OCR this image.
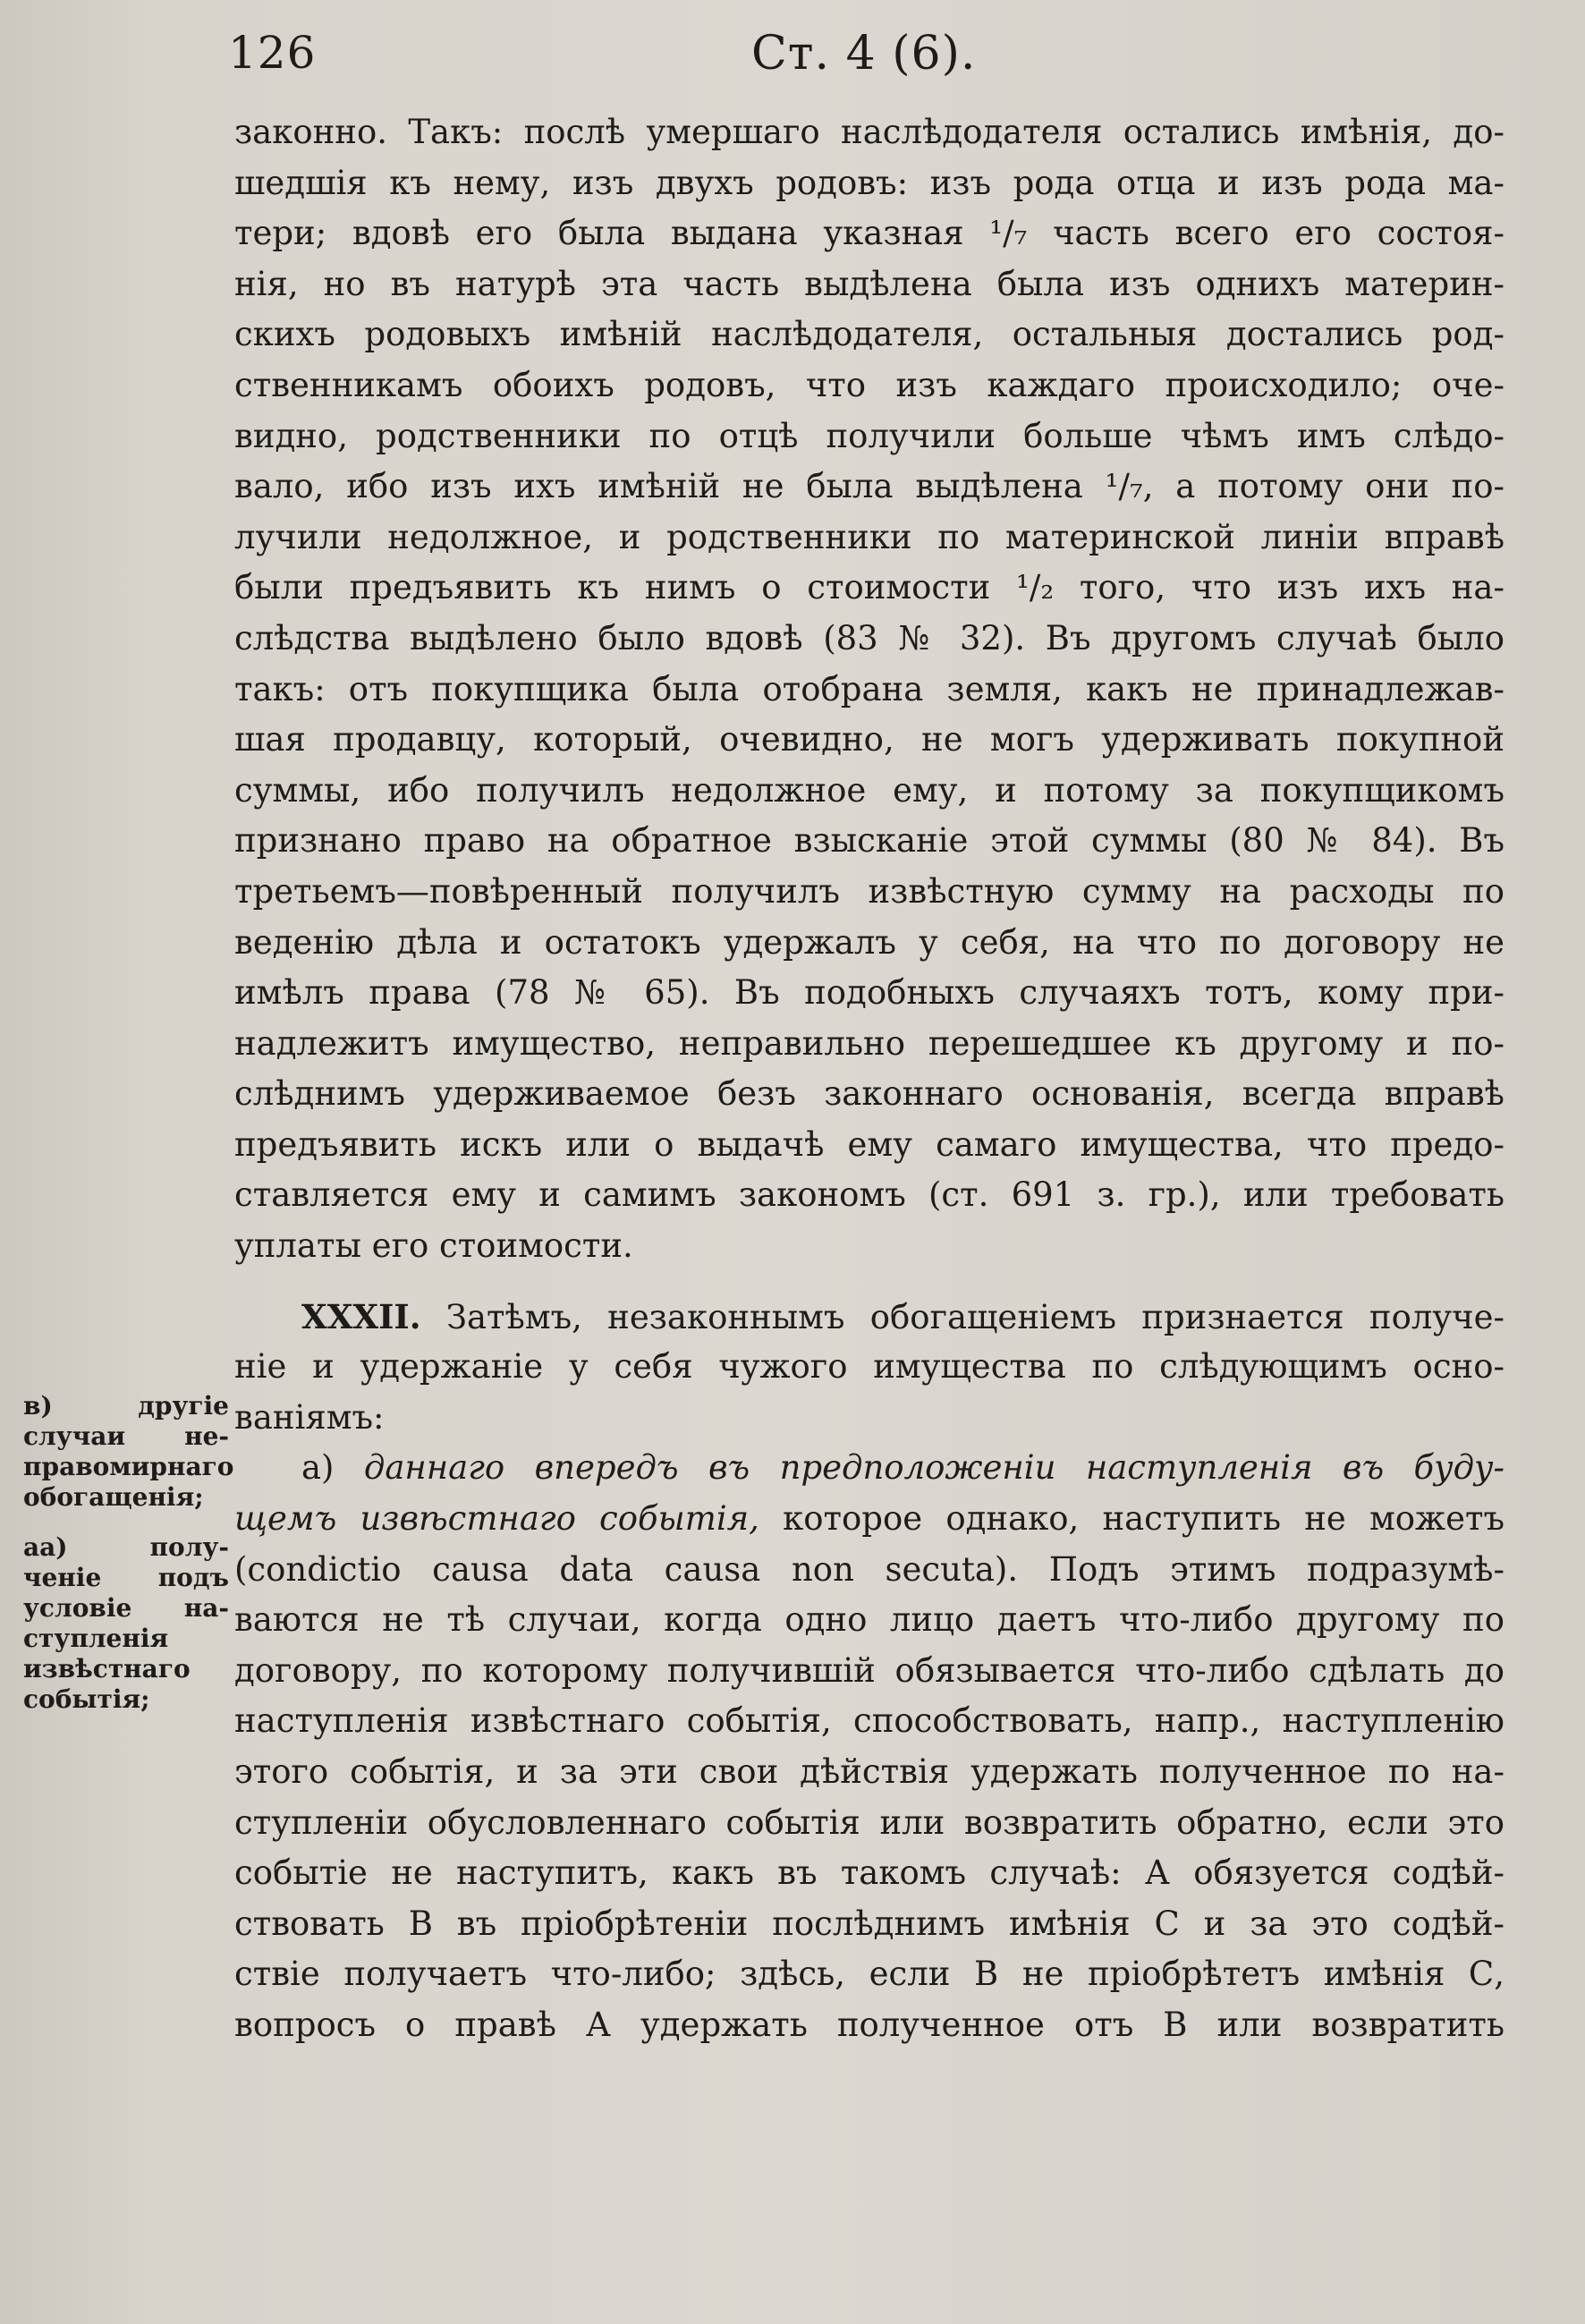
126	Ст. 4 (6).
законно. Такъ: послѣ умершаго наслѣдодателя остались имѣнія, до-
шедшія къ нему, изъ двухъ родовъ: изъ рода отца и изъ рода ма-
тери; вдовѣ его была выдана указная ¹/₇ часть всего его состоя-
нія, но въ натурѣ эта часть выдѣлена была изъ однихъ материн-
скихъ родовыхъ имѣній наслѣдодателя, остальныя достались род-
ственникамъ обоихъ родовъ, что изъ каждаго происходило; оче-
видно, родственники по отцѣ получили больше чѣмъ имъ слѣдо-
вало, ибо изъ ихъ имѣній не была выдѣлена ¹/₇, а потому они по-
лучили недолжное, и родственники по материнской линіи вправѣ
были предъявить къ нимъ о стоимости ¹/₂ того, что изъ ихъ на-
слѣдства выдѣлено было вдовѣ (83 № 32). Въ другомъ случаѣ было
такъ: отъ покупщика была отобрана земля, какъ не принадлежав-
шая продавцу, который, очевидно, не могъ удерживать покупной
суммы, ибо получилъ недолжное ему, и потому за покупщикомъ
признано право на обратное взысканіе этой суммы (80 № 84). Въ
третьемъ—повѣренный получилъ извѣстную сумму на расходы по
веденію дѣла и остатокъ удержалъ у себя, на что по договору не
имѣлъ права (78 № 65). Въ подобныхъ случаяхъ тотъ, кому при-
надлежитъ имущество, неправильно перешедшее къ другому и по-
слѣднимъ удерживаемое безъ законнаго основанія, всегда вправѣ
предъявить искъ или о выдачѣ ему самаго имущества, что предо-
ставляется ему и самимъ закономъ (ст. 691 з. гр.), или требовать
уплаты его стоимости.
XXXII. Затѣмъ, незаконнымъ обогащеніемъ признается получе-
ніе и удержаніе у себя чужого имущества по слѣдующимъ осно-
ваніямъ:
а) даннаго впередъ въ предположеніи наступленія въ буду-
щемъ извѣстнаго событія, которое однако, наступить не можетъ
(condictio causa data causa non secuta). Подъ этимъ подразумѣ-
ваются не тѣ случаи, когда одно лицо даетъ что-либо другому по
договору, по которому получившій обязывается что-либо сдѣлать до
наступленія извѣстнаго событія, способствовать, напр., наступленію
этого событія, и за эти свои дѣйствія удержать полученное по на-
ступленіи обусловленнаго событія или возвратить обратно, если это
событіе не наступитъ, какъ въ такомъ случаѣ: А обязуется содѣй-
ствовать В въ пріобрѣтеніи послѣднимъ имѣнія С и за это содѣй-
ствіе получаетъ что-либо; здѣсь, если В не пріобрѣтетъ имѣнія С,
вопросъ о правѣ А удержать полученное отъ В или возвратить
в) другіе
случаи не-
правомирнаго
обогащенія;
аа) полу-
ченіе подъ
условіе на-
ступленія
извѣстнаго
событія;
